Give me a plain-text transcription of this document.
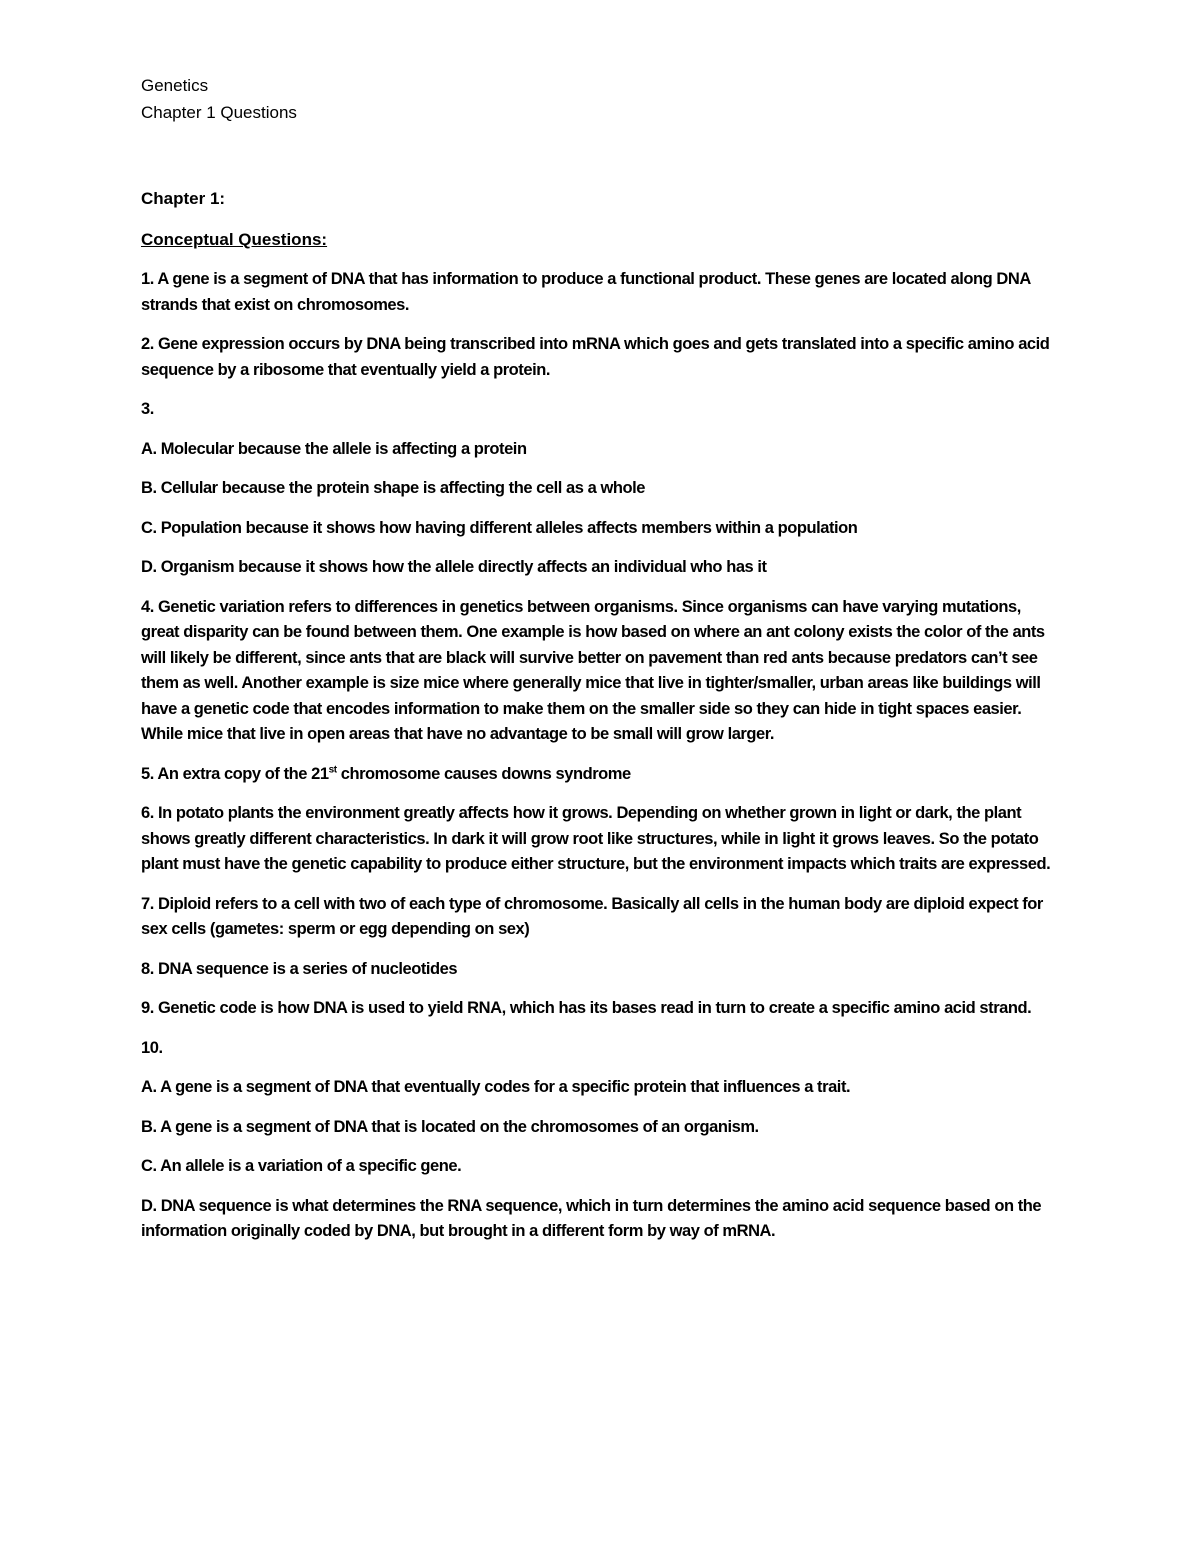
Genetics

Chapter 1 Questions

Chapter 1:

Conceptual Questions:

1. A gene is a segment of DNA that has information to produce a functional product. These genes are located along DNA strands that exist on chromosomes.

2. Gene expression occurs by DNA being transcribed into mRNA which goes and gets translated into a specific amino acid sequence by a ribosome that eventually yield a protein.

3.

A. Molecular because the allele is affecting a protein

B. Cellular because the protein shape is affecting the cell as a whole

C. Population because it shows how having different alleles affects members within a population

D. Organism because it shows how the allele directly affects an individual who has it

4. Genetic variation refers to differences in genetics between organisms. Since organisms can have varying mutations, great disparity can be found between them. One example is how based on where an ant colony exists the color of the ants will likely be different, since ants that are black will survive better on pavement than red ants because predators can’t see them as well. Another example is size mice where generally mice that live in tighter/smaller, urban areas like buildings will have a genetic code that encodes information to make them on the smaller side so they can hide in tight spaces easier. While mice that live in open areas that have no advantage to be small will grow larger.

5. An extra copy of the 21st chromosome causes downs syndrome

6. In potato plants the environment greatly affects how it grows. Depending on whether grown in light or dark, the plant shows greatly different characteristics. In dark it will grow root like structures, while in light it grows leaves. So the potato plant must have the genetic capability to produce either structure, but the environment impacts which traits are expressed.

7. Diploid refers to a cell with two of each type of chromosome. Basically all cells in the human body are diploid expect for sex cells (gametes: sperm or egg depending on sex)

8. DNA sequence is a series of nucleotides

9. Genetic code is how DNA is used to yield RNA, which has its bases read in turn to create a specific amino acid strand.

10.

A. A gene is a segment of DNA that eventually codes for a specific protein that influences a trait.

B. A gene is a segment of DNA that is located on the chromosomes of an organism.

C. An allele is a variation of a specific gene.

D. DNA sequence is what determines the RNA sequence, which in turn determines the amino acid sequence based on the information originally coded by DNA, but brought in a different form by way of mRNA.
